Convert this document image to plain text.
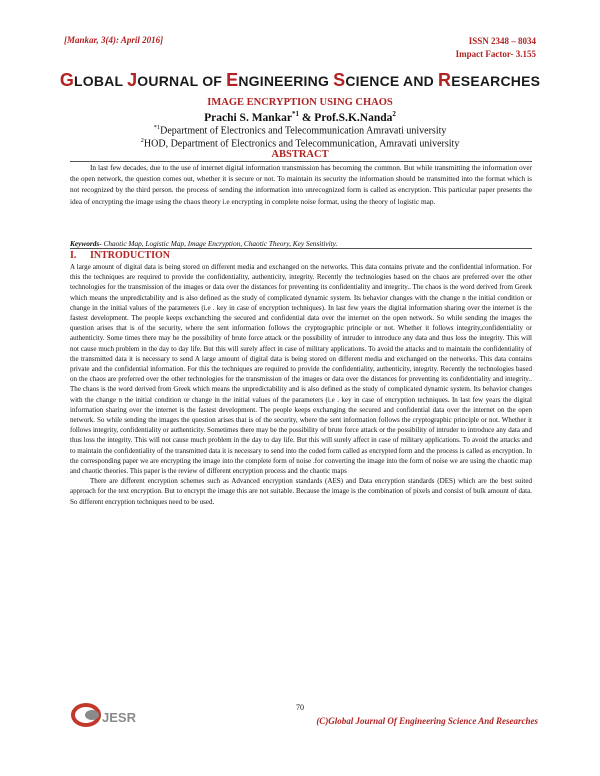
[Mankar, 3(4): April 2016]	ISSN 2348 – 8034
Impact Factor- 3.155
GLOBAL JOURNAL OF ENGINEERING SCIENCE AND RESEARCHES
IMAGE ENCRYPTION USING CHAOS
Prachi S. Mankar$^{*1}$ & Prof.S.K.Nanda$^2$
$^{*1}$Department of Electronics and Telecommunication Amravati university
$^2$HOD, Department of Electronics and Telecommunication, Amravati university
ABSTRACT
In last few decades, due to the use of internet digital information transmission has becoming the common. But while transmitting the information over the open network, the question comes out, whether it is secure or not. To maintain its security the information should be transmitted into the format which is not recognized by the third person. the process of sending the information into unrecognized form is called as encryption. This particular paper presents the idea of encrypting the image using the chaos theory i.e encrypting in complete noise format, using the theory of logistic map.
Keywords- Chaotic Map, Logistic Map, Image Encryption, Chaotic Theory, Key Sensitivity.
I. INTRODUCTION

A large amount of digital data is being stored on different media and exchanged on the networks. This data contains private and the confidential information. For this the techniques are required to provide the confidentiality, authenticity, integrity. Recently the technologies based on the chaos are preferred over the other technologies for the transmission of the images or data over the distances for preventing its confidentiality and integrity.. The chaos is the word derived from Greek which means the unpredictability and is also defined as the study of complicated dynamic system. Its behavior changes with the change n the initial condition or change in the initial values of the parameters (i.e . key in case of encryption techniques). In last few years the digital information sharing over the internet is the fastest development. The people keeps exchanching the secured and confidential data over the internet on the open network. So while sending the images the question arises that is of the security, where the sent information follows the cryptographic principle or not. Whether it follows integrity,confidentiality or authenticity. Some times there may be the possibility of brute force attack or the possibility of intruder to introduce any data and thus loss the integrity. This will not cause much problem in the day to day life. But this will surely affect in case of military applications. To avoid the attacks and to maintain the confidentiality of the transmitted data it is necessary to send A large amount of digital data is being stored on different media and exchanged on the networks. This data contains private and the confidential information. For this the techniques are required to provide the confidentiality, authenticity, integrity. Recently the technologies based on the chaos are preferred over the other technologies for the transmission of the images or data over the distances for preventing its confidentiality and integrity.. The chaos is the word derived from Greek which means the unpredictability and is also defined as the study of complicated dynamic system. Its behavior changes with the change n the initial condition or change in the initial values of the parameters (i.e . key in case of encryption techniques. In last few years the digital information sharing over the internet is the fastest development. The people keeps exchanging the secured and confidential data over the internet on the open network. So while sending the images the question arises that is of the security, where the sent information follows the cryptographic principle or not. Whether it follows integrity, confidentiality or authenticity. Sometimes there may be the possibility of brute force attack or the possibility of intruder to introduce any data and thus loss the integrity. This will not cause much problem in the day to day life. But this will surely affect in case of military applications. To avoid the attacks and to maintain the confidentiality of the transmitted data it is necessary to send into the coded form called as encrypted form and the process is called as encryption. In the corresponding paper we are encrypting the image into the complete form of noise .for converting the image into the form of noise we are using the chaotic map and chaotic theories. This paper is the review of different encryption process and the chaotic maps

There are different encryption schemes such as Advanced encryption standards (AES) and Data encryption standards (DES) which are the best suited approach for the text encryption. But to encrypt the image this are not suitable. Because the image is the combination of pixels and consist of bulk amount of data. So different encryption techniques need to be used.

JESR
70
(C)Global Journal Of Engineering Science And Researches
